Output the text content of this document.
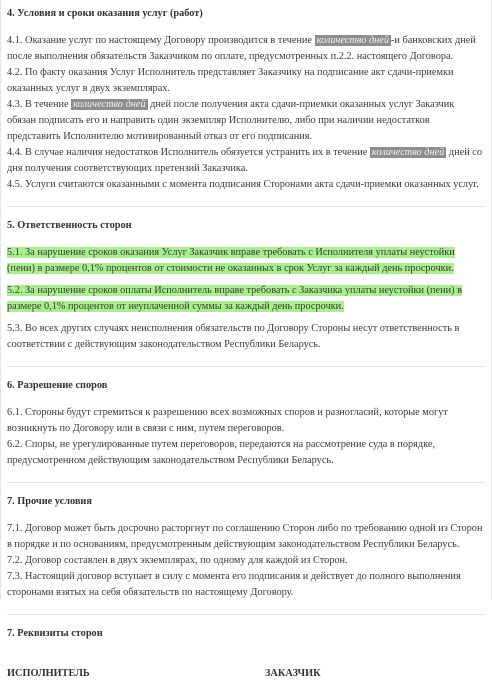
4. Условия и сроки оказания услуг (работ)

4.1. Оказание услуг по настоящему Договору производится в течение количество дней -и банковских дней после выполнения обязательств Заказчиком по оплате, предусмотренных п.2.2. настоящего Договора.

4.2. По факту оказания Услуг Исполнитель представляет Заказчику на подписание акт сдачи-приемки оказанных услуг в двух экземплярах.

4.3. В течение количество дней дней после получения акта сдачи-приемки оказанных услуг Заказчик обязан подписать его и направить один экземпляр Исполнителю, либо при наличии недостатков представить Исполнителю мотивированный отказ от его подписания.

4.4. В случае наличия недостатков Исполнитель обязуется устранить их в течение количество дней дней со дня получения соответствующих претензий Заказчика.

4.5. Услуги считаются оказанными с момента подписания Сторонами акта сдачи-приемки оказанных услуг.

5. Ответственность сторон

5.1. За нарушение сроков оказания Услуг Заказчик вправе требовать с Исполнителя уплаты неустойки (пени) в размере 0,1% процентов от стоимости не оказанных в срок Услуг за каждый день просрочки.

5.2. За нарушение сроков оплаты Исполнитель вправе требовать с Заказчика уплаты неустойки (пени) в размере 0,1% процентов от неуплаченной суммы за каждый день просрочки.

5.3. Во всех других случаях неисполнения обязательств по Договору Стороны несут ответственность в соответствии с действующим законодательством Республики Беларусь.

6. Разрешение споров

6.1. Стороны будут стремиться к разрешению всех возможных споров и разногласий, которые могут возникнуть по Договору или в связи с ним, путем переговоров.

6.2. Споры, не урегулированные путем переговоров, передаются на рассмотрение суда в порядке, предусмотренном действующим законодательством Республики Беларусь.

7. Прочие условия

7.1. Договор может быть досрочно расторгнут по соглашению Сторон либо по требованию одной из Сторон в порядке и по основаниям, предусмотренным действующим законодательством Республики Беларусь.

7.2. Договор составлен в двух экземплярах, по одному для каждой из Сторон.

7.3. Настоящий договор вступает в силу с момента его подписания и действует до полного выполнения сторонами взятых на себя обязательств по настоящему Договору.

7. Реквизиты сторон

ИСПОЛНИТЕЛЬ	ЗАКАЗЧИК
